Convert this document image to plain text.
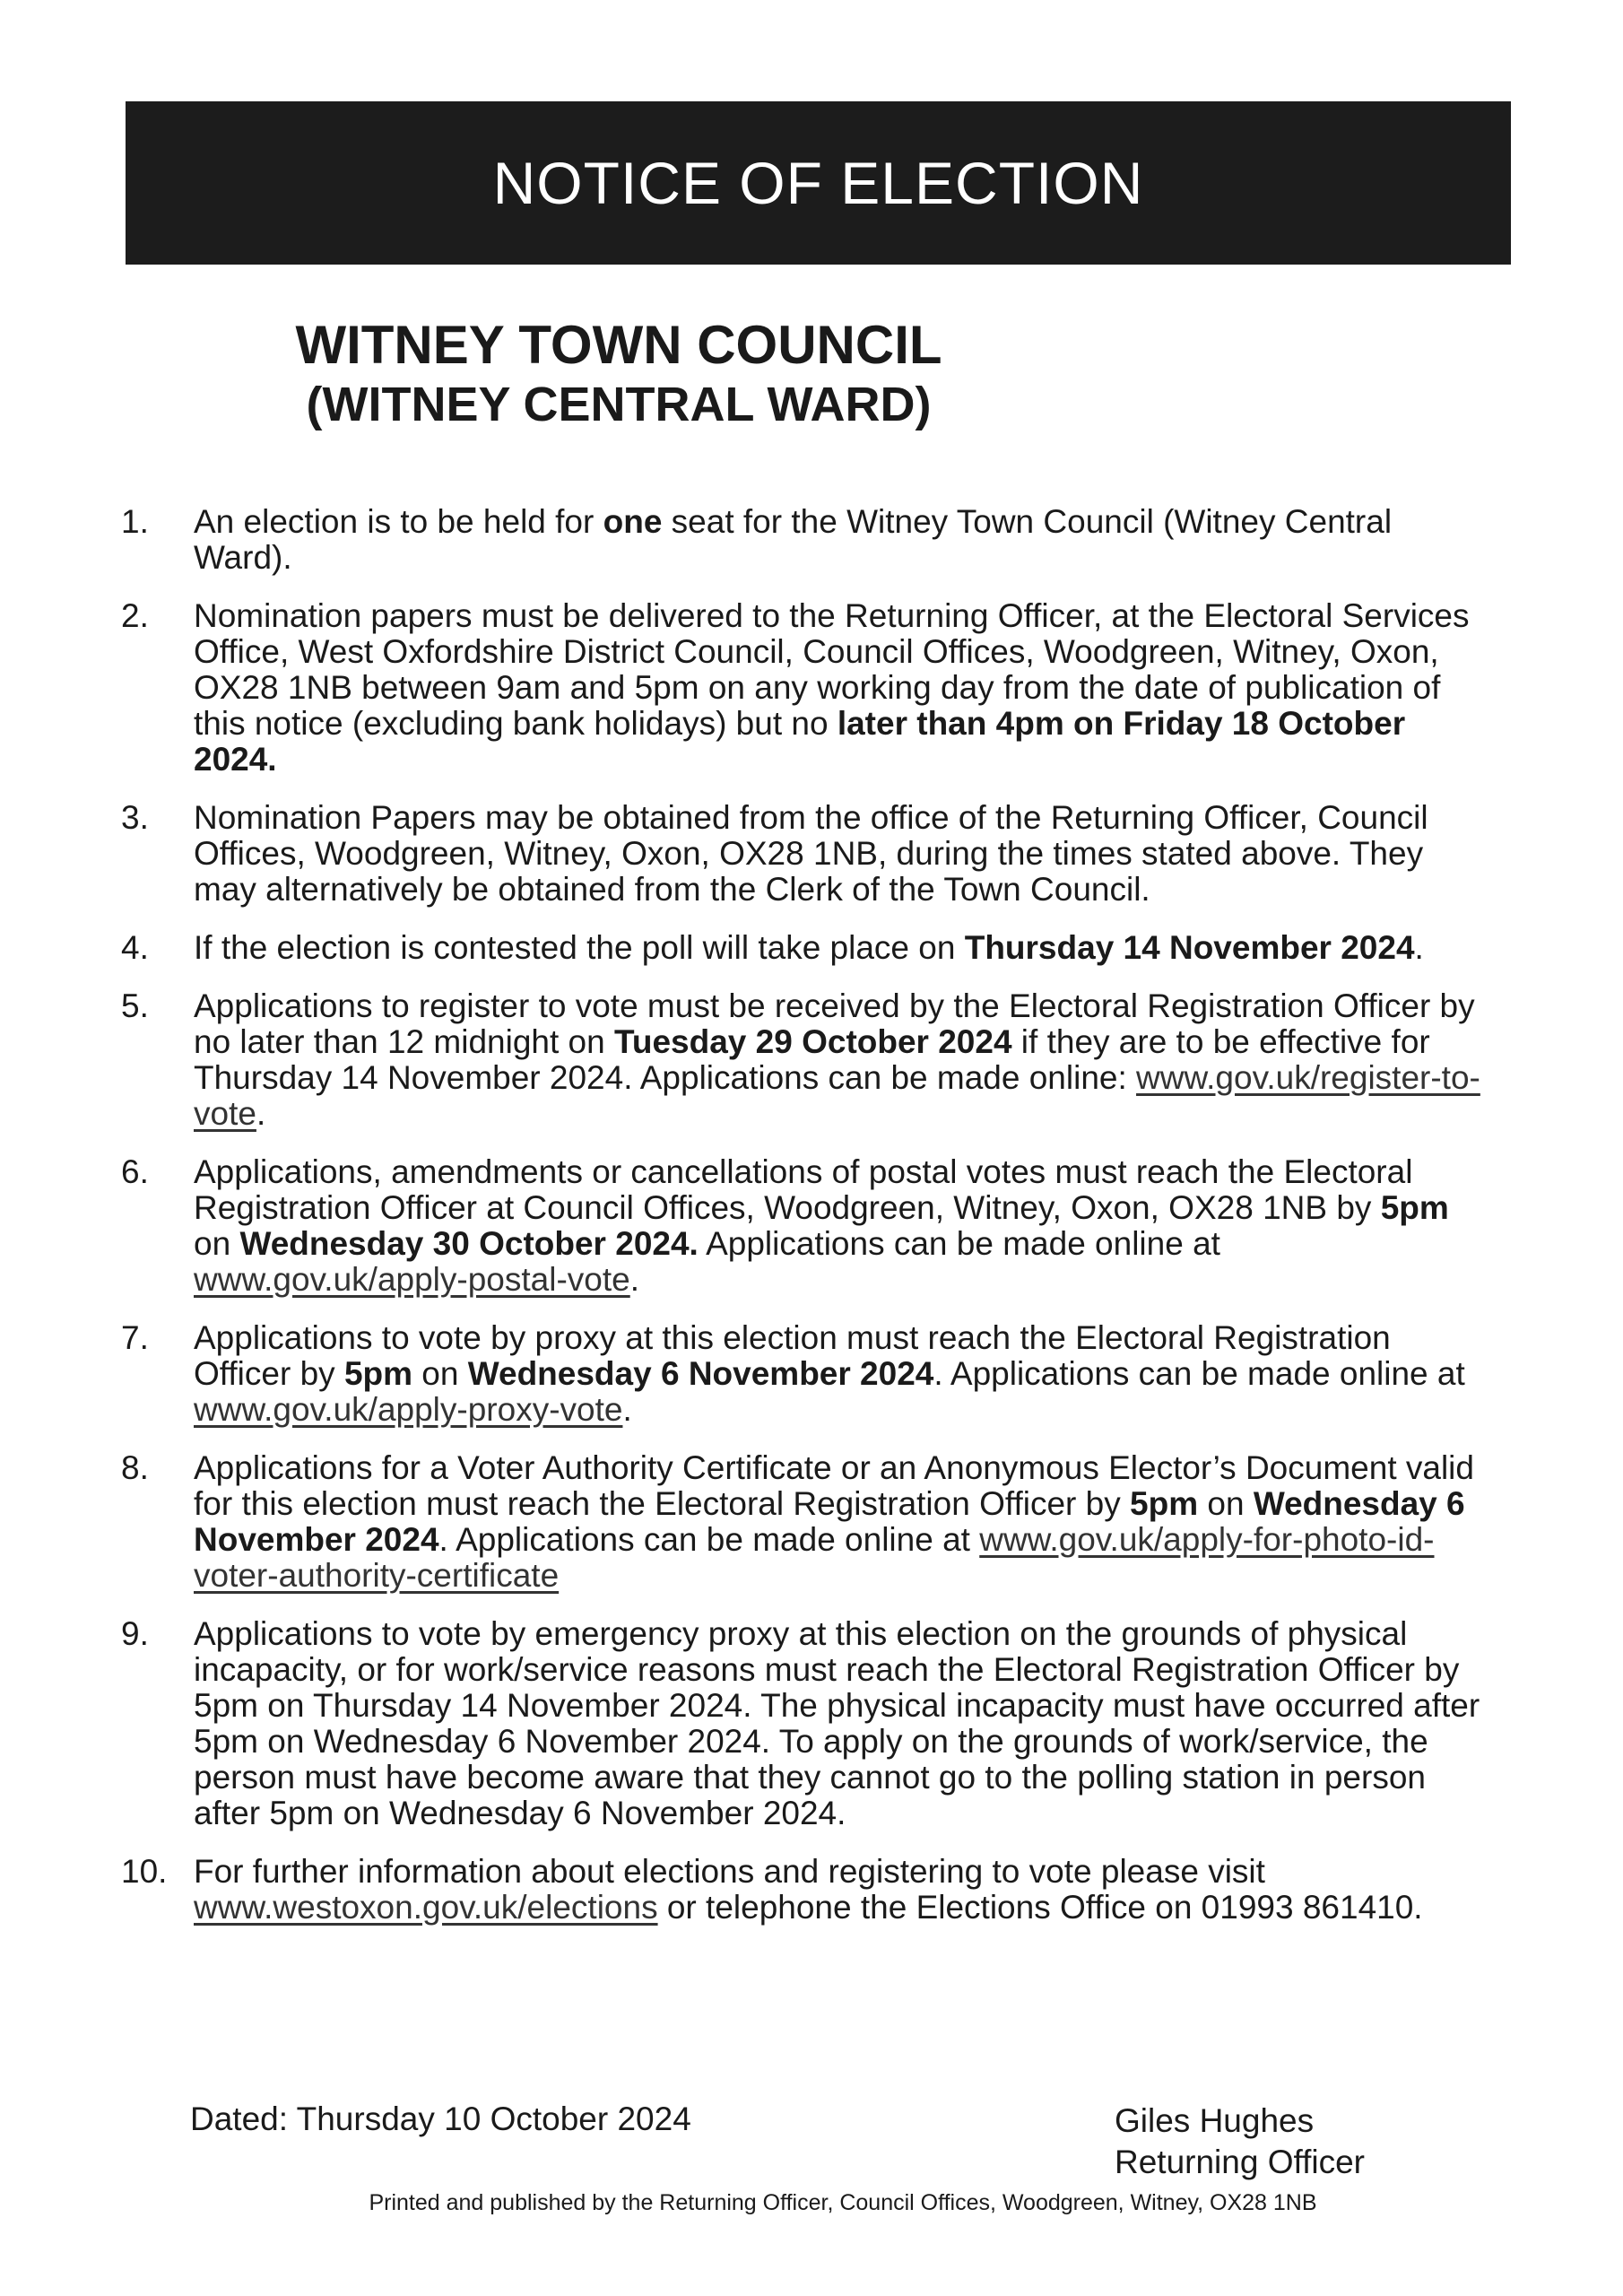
NOTICE OF ELECTION
WITNEY TOWN COUNCIL
(WITNEY CENTRAL WARD)
1.	An election is to be held for one seat for the Witney Town Council (Witney Central Ward).
2.	Nomination papers must be delivered to the Returning Officer, at the Electoral Services Office, West Oxfordshire District Council, Council Offices, Woodgreen, Witney, Oxon, OX28 1NB between 9am and 5pm on any working day from the date of publication of this notice (excluding bank holidays) but no later than 4pm on Friday 18 October 2024.
3.	Nomination Papers may be obtained from the office of the Returning Officer, Council Offices, Woodgreen, Witney, Oxon, OX28 1NB, during the times stated above. They may alternatively be obtained from the Clerk of the Town Council.
4.	If the election is contested the poll will take place on Thursday 14 November 2024.
5.	Applications to register to vote must be received by the Electoral Registration Officer by no later than 12 midnight on Tuesday 29 October 2024 if they are to be effective for Thursday 14 November 2024. Applications can be made online: www.gov.uk/register-to-vote.
6.	Applications, amendments or cancellations of postal votes must reach the Electoral Registration Officer at Council Offices, Woodgreen, Witney, Oxon, OX28 1NB by 5pm on Wednesday 30 October 2024. Applications can be made online at www.gov.uk/apply-postal-vote.
7.	Applications to vote by proxy at this election must reach the Electoral Registration Officer by 5pm on Wednesday 6 November 2024. Applications can be made online at www.gov.uk/apply-proxy-vote.
8.	Applications for a Voter Authority Certificate or an Anonymous Elector’s Document valid for this election must reach the Electoral Registration Officer by 5pm on Wednesday 6 November 2024. Applications can be made online at www.gov.uk/apply-for-photo-id-voter-authority-certificate
9.	Applications to vote by emergency proxy at this election on the grounds of physical incapacity, or for work/service reasons must reach the Electoral Registration Officer by 5pm on Thursday 14 November 2024. The physical incapacity must have occurred after 5pm on Wednesday 6 November 2024. To apply on the grounds of work/service, the person must have become aware that they cannot go to the polling station in person after 5pm on Wednesday 6 November 2024.
10. For further information about elections and registering to vote please visit www.westoxon.gov.uk/elections or telephone the Elections Office on 01993 861410.
Dated: Thursday 10 October 2024	Giles Hughes
Returning Officer
Printed and published by the Returning Officer, Council Offices, Woodgreen, Witney, OX28 1NB
